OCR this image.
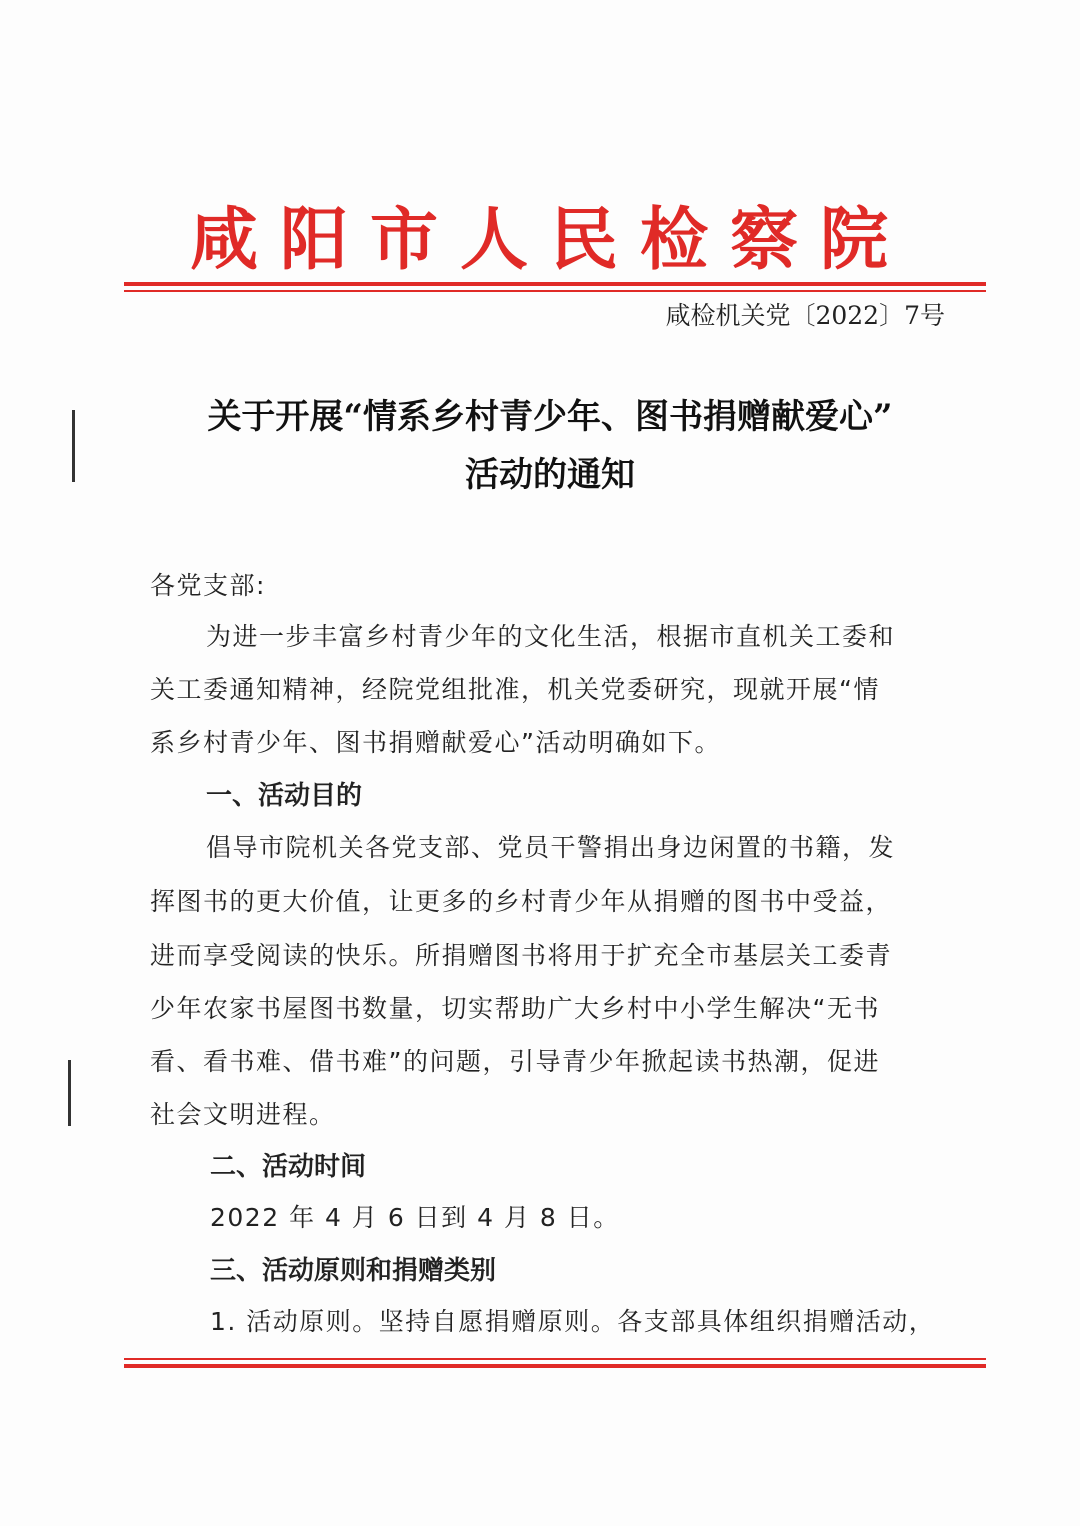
咸阳市人民检察院
咸检机关党〔2022〕7号
关于开展“情系乡村青少年、图书捐赠献爱心”
活动的通知
各党支部:
为进一步丰富乡村青少年的文化生活，根据市直机关工委和
关工委通知精神，经院党组批准，机关党委研究，现就开展“情
系乡村青少年、图书捐赠献爱心”活动明确如下。
一、活动目的
倡导市院机关各党支部、党员干警捐出身边闲置的书籍，发
挥图书的更大价值，让更多的乡村青少年从捐赠的图书中受益，
进而享受阅读的快乐。所捐赠图书将用于扩充全市基层关工委青
少年农家书屋图书数量，切实帮助广大乡村中小学生解决“无书
看、看书难、借书难”的问题，引导青少年掀起读书热潮，促进
社会文明进程。
二、活动时间
2022 年 4 月 6 日到 4 月 8 日。
三、活动原则和捐赠类别
1. 活动原则。坚持自愿捐赠原则。各支部具体组织捐赠活动，
